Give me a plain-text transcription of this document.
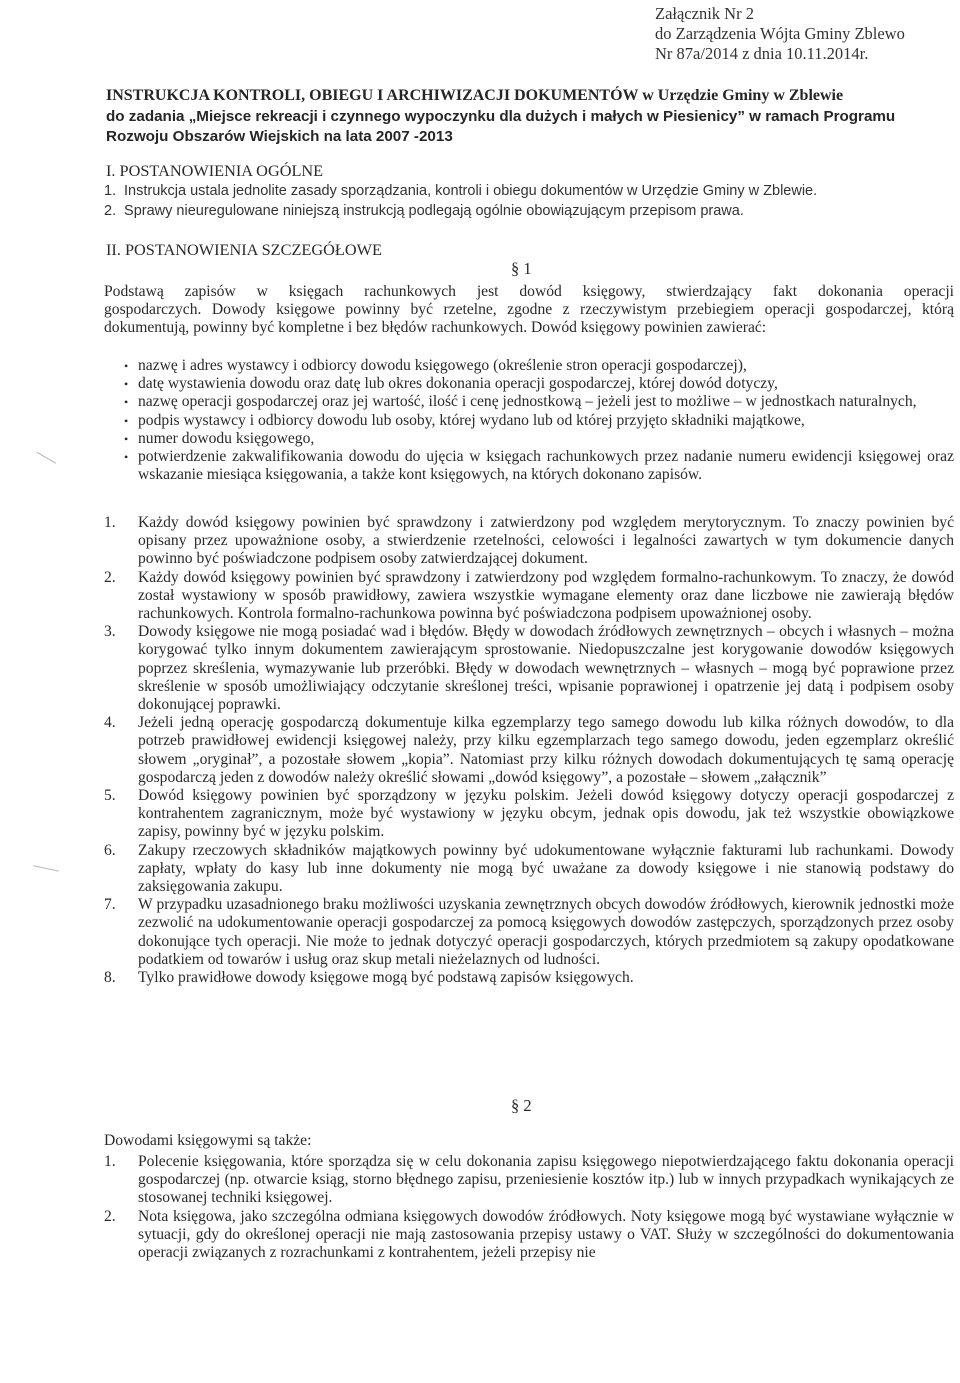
Załącznik Nr 2
do Zarządzenia Wójta Gminy Zblewo
Nr 87a/2014 z dnia 10.11.2014r.
INSTRUKCJA KONTROLI, OBIEGU I ARCHIWIZACJI DOKUMENTÓW w Urzędzie Gminy w Zblewie
do zadania „Miejsce rekreacji i czynnego wypoczynku dla dużych i małych w Piesienicy” w ramach Programu
Rozwoju Obszarów Wiejskich na lata 2007 -2013
I. POSTANOWIENIA OGÓLNE
1. Instrukcja ustala jednolite zasady sporządzania, kontroli i obiegu dokumentów w Urzędzie Gminy w Zblewie.
2. Sprawy nieuregulowane niniejszą instrukcją podlegają ogólnie obowiązującym przepisom prawa.
II. POSTANOWIENIA SZCZEGÓŁOWE
§ 1
Podstawą zapisów w księgach rachunkowych jest dowód księgowy, stwierdzający fakt dokonania operacji
gospodarczych. Dowody księgowe powinny być rzetelne, zgodne z rzeczywistym przebiegiem operacji gospodarczej, którą dokumentują, powinny być kompletne i bez błędów rachunkowych. Dowód księgowy powinien zawierać:
• nazwę i adres wystawcy i odbiorcy dowodu księgowego (określenie stron operacji gospodarczej),
• datę wystawienia dowodu oraz datę lub okres dokonania operacji gospodarczej, której dowód dotyczy,
• nazwę operacji gospodarczej oraz jej wartość, ilość i cenę jednostkową – jeżeli jest to możliwe – w jednostkach naturalnych,
• podpis wystawcy i odbiorcy dowodu lub osoby, której wydano lub od której przyjęto składniki majątkowe,
• numer dowodu księgowego,
• potwierdzenie zakwalifikowania dowodu do ujęcia w księgach rachunkowych przez nadanie numeru ewidencji księgowej oraz wskazanie miesiąca księgowania, a także kont księgowych, na których dokonano zapisów.
1. Każdy dowód księgowy powinien być sprawdzony i zatwierdzony pod względem merytorycznym. To znaczy powinien być opisany przez upoważnione osoby, a stwierdzenie rzetelności, celowości i legalności zawartych w tym dokumencie danych powinno być poświadczone podpisem osoby zatwierdzającej dokument.
2. Każdy dowód księgowy powinien być sprawdzony i zatwierdzony pod względem formalno-rachunkowym. To znaczy, że dowód został wystawiony w sposób prawidłowy, zawiera wszystkie wymagane elementy oraz dane liczbowe nie zawierają błędów rachunkowych. Kontrola formalno-rachunkowa powinna być poświadczona podpisem upoważnionej osoby.
3. Dowody księgowe nie mogą posiadać wad i błędów. Błędy w dowodach źródłowych zewnętrznych – obcych i własnych – można korygować tylko innym dokumentem zawierającym sprostowanie. Niedopuszczalne jest korygowanie dowodów księgowych poprzez skreślenia, wymazywanie lub przeróbki. Błędy w dowodach wewnętrznych – własnych – mogą być poprawione przez skreślenie w sposób umożliwiający odczytanie skreślonej treści, wpisanie poprawionej i opatrzenie jej datą i podpisem osoby dokonującej poprawki.
4. Jeżeli jedną operację gospodarczą dokumentuje kilka egzemplarzy tego samego dowodu lub kilka różnych dowodów, to dla potrzeb prawidłowej ewidencji księgowej należy, przy kilku egzemplarzach tego samego dowodu, jeden egzemplarz określić słowem „oryginał”, a pozostałe słowem „kopia”. Natomiast przy kilku różnych dowodach dokumentujących tę samą operację gospodarczą jeden z dowodów należy określić słowami „dowód księgowy”, a pozostałe – słowem „załącznik”
5. Dowód księgowy powinien być sporządzony w języku polskim. Jeżeli dowód księgowy dotyczy operacji gospodarczej z kontrahentem zagranicznym, może być wystawiony w języku obcym, jednak opis dowodu, jak też wszystkie obowiązkowe zapisy, powinny być w języku polskim.
6. Zakupy rzeczowych składników majątkowych powinny być udokumentowane wyłącznie fakturami lub rachunkami. Dowody zapłaty, wpłaty do kasy lub inne dokumenty nie mogą być uważane za dowody księgowe i nie stanowią podstawy do zaksięgowania zakupu.
7. W przypadku uzasadnionego braku możliwości uzyskania zewnętrznych obcych dowodów źródłowych, kierownik jednostki może zezwolić na udokumentowanie operacji gospodarczej za pomocą księgowych dowodów zastępczych, sporządzonych przez osoby dokonujące tych operacji. Nie może to jednak dotyczyć operacji gospodarczych, których przedmiotem są zakupy opodatkowane podatkiem od towarów i usług oraz skup metali nieżelaznych od ludności.
8. Tylko prawidłowe dowody księgowe mogą być podstawą zapisów księgowych.
§ 2
Dowodami księgowymi są także:
1. Polecenie księgowania, które sporządza się w celu dokonania zapisu księgowego niepotwierdzającego faktu dokonania operacji gospodarczej (np. otwarcie ksiąg, storno błędnego zapisu, przeniesienie kosztów itp.) lub w innych przypadkach wynikających ze stosowanej techniki księgowej.
2. Nota księgowa, jako szczególna odmiana księgowych dowodów źródłowych. Noty księgowe mogą być wystawiane wyłącznie w sytuacji, gdy do określonej operacji nie mają zastosowania przepisy ustawy o VAT. Służy w szczególności do dokumentowania operacji związanych z rozrachunkami z kontrahentem, jeżeli przepisy nie
